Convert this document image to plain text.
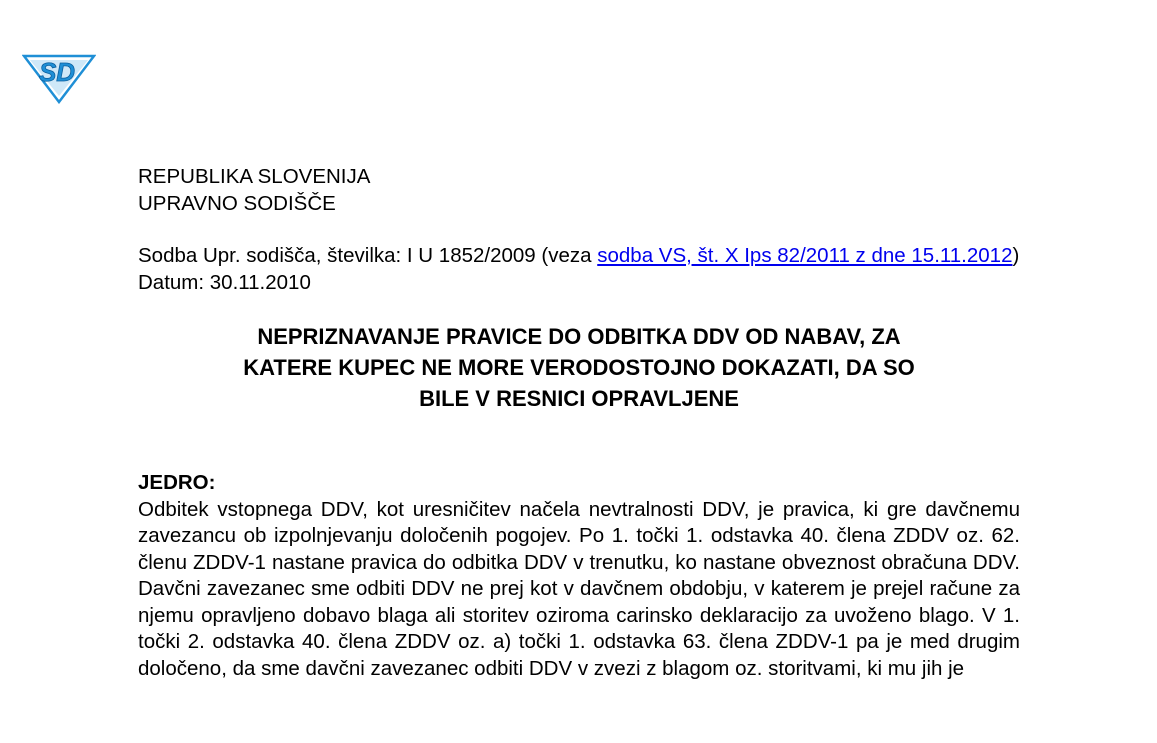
SD

REPUBLIKA SLOVENIJA
UPRAVNO SODIŠČE

Sodba Upr. sodišča, številka: I U 1852/2009 (veza sodba VS, št. X Ips 82/2011 z dne 15.11.2012)
Datum: 30.11.2010

NEPRIZNAVANJE PRAVICE DO ODBITKA DDV OD NABAV, ZA
KATERE KUPEC NE MORE VERODOSTOJNO DOKAZATI, DA SO
BILE V RESNICI OPRAVLJENE

JEDRO:

Odbitek vstopnega DDV, kot uresničitev načela nevtralnosti DDV, je pravica, ki gre davčnemu zavezancu ob izpolnjevanju določenih pogojev. Po 1. točki 1. odstavka 40. člena ZDDV oz. 62. členu ZDDV-1 nastane pravica do odbitka DDV v trenutku, ko nastane obveznost obračuna DDV. Davčni zavezanec sme odbiti DDV ne prej kot v davčnem obdobju, v katerem je prejel račune za njemu opravljeno dobavo blaga ali storitev oziroma carinsko deklaracijo za uvoženo blago. V 1. točki 2. odstavka 40. člena ZDDV oz. a) točki 1. odstavka 63. člena ZDDV-1 pa je med drugim določeno, da sme davčni zavezanec odbiti DDV v zvezi z blagom oz. storitvami, ki mu jih je
